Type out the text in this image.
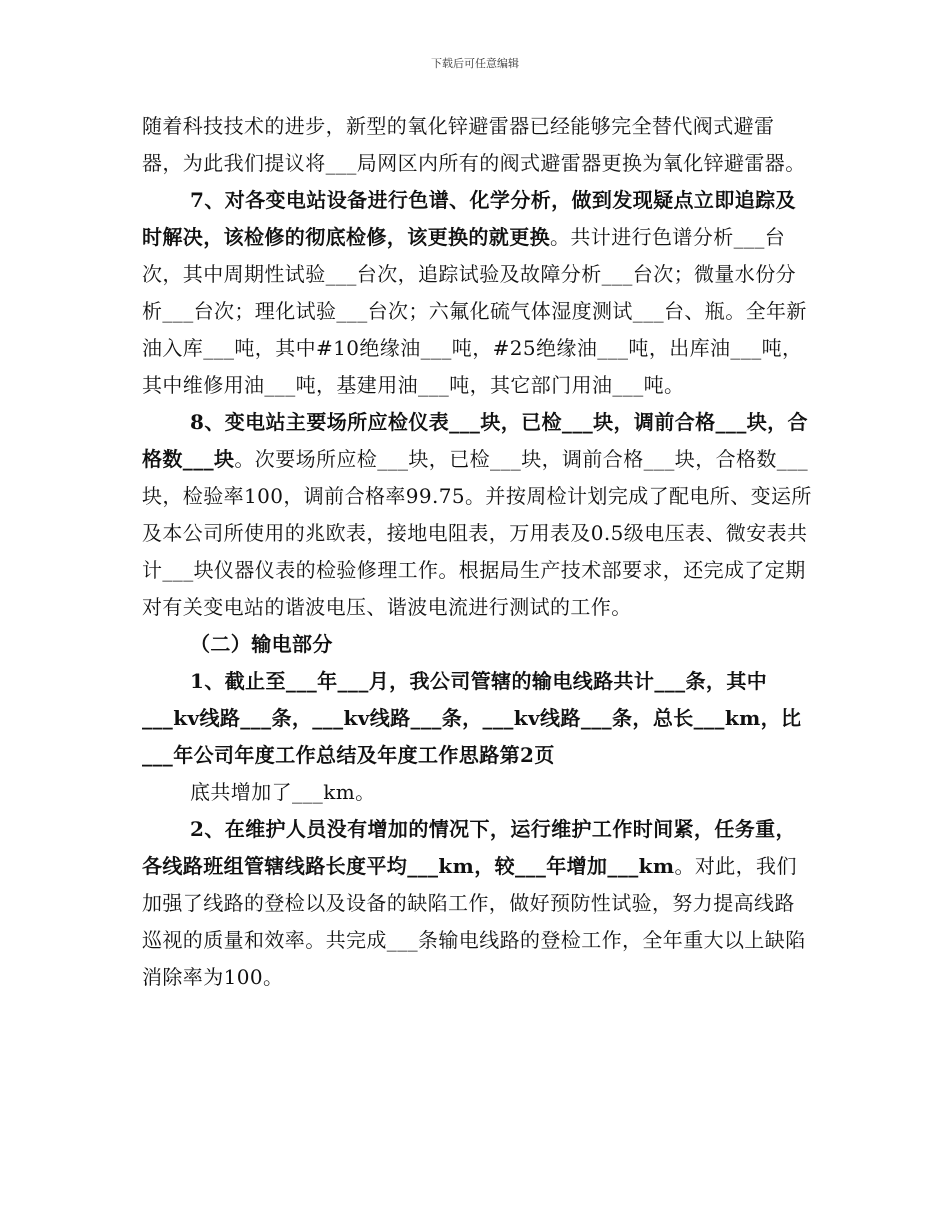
下载后可任意编辑

随着科技技术的进步，新型的氧化锌避雷器已经能够完全替代阀式避雷器，为此我们提议将___局网区内所有的阀式避雷器更换为氧化锌避雷器。

7、对各变电站设备进行色谱、化学分析，做到发现疑点立即追踪及时解决，该检修的彻底检修，该更换的就更换。共计进行色谱分析___台次，其中周期性试验___台次，追踪试验及故障分析___台次；微量水份分析___台次；理化试验___台次；六氟化硫气体湿度测试___台、瓶。全年新油入库___吨，其中#10绝缘油___吨，#25绝缘油___吨，出库油___吨，其中维修用油___吨，基建用油___吨，其它部门用油___吨。

8、变电站主要场所应检仪表___块，已检___块，调前合格___块，合格数___块。次要场所应检___块，已检___块，调前合格___块，合格数___块，检验率100，调前合格率99.75。并按周检计划完成了配电所、变运所及本公司所使用的兆欧表，接地电阻表，万用表及0.5级电压表、微安表共计___块仪器仪表的检验修理工作。根据局生产技术部要求，还完成了定期对有关变电站的谐波电压、谐波电流进行测试的工作。

（二）输电部分

1、截止至___年___月，我公司管辖的输电线路共计___条，其中___kv线路___条，___kv线路___条，___kv线路___条，总长___km，比___年公司年度工作总结及年度工作思路第2页

底共增加了___km。

2、在维护人员没有增加的情况下，运行维护工作时间紧，任务重，各线路班组管辖线路长度平均___km，较___年增加___km。对此，我们加强了线路的登检以及设备的缺陷工作，做好预防性试验，努力提高线路巡视的质量和效率。共完成___条输电线路的登检工作，全年重大以上缺陷消除率为100。
